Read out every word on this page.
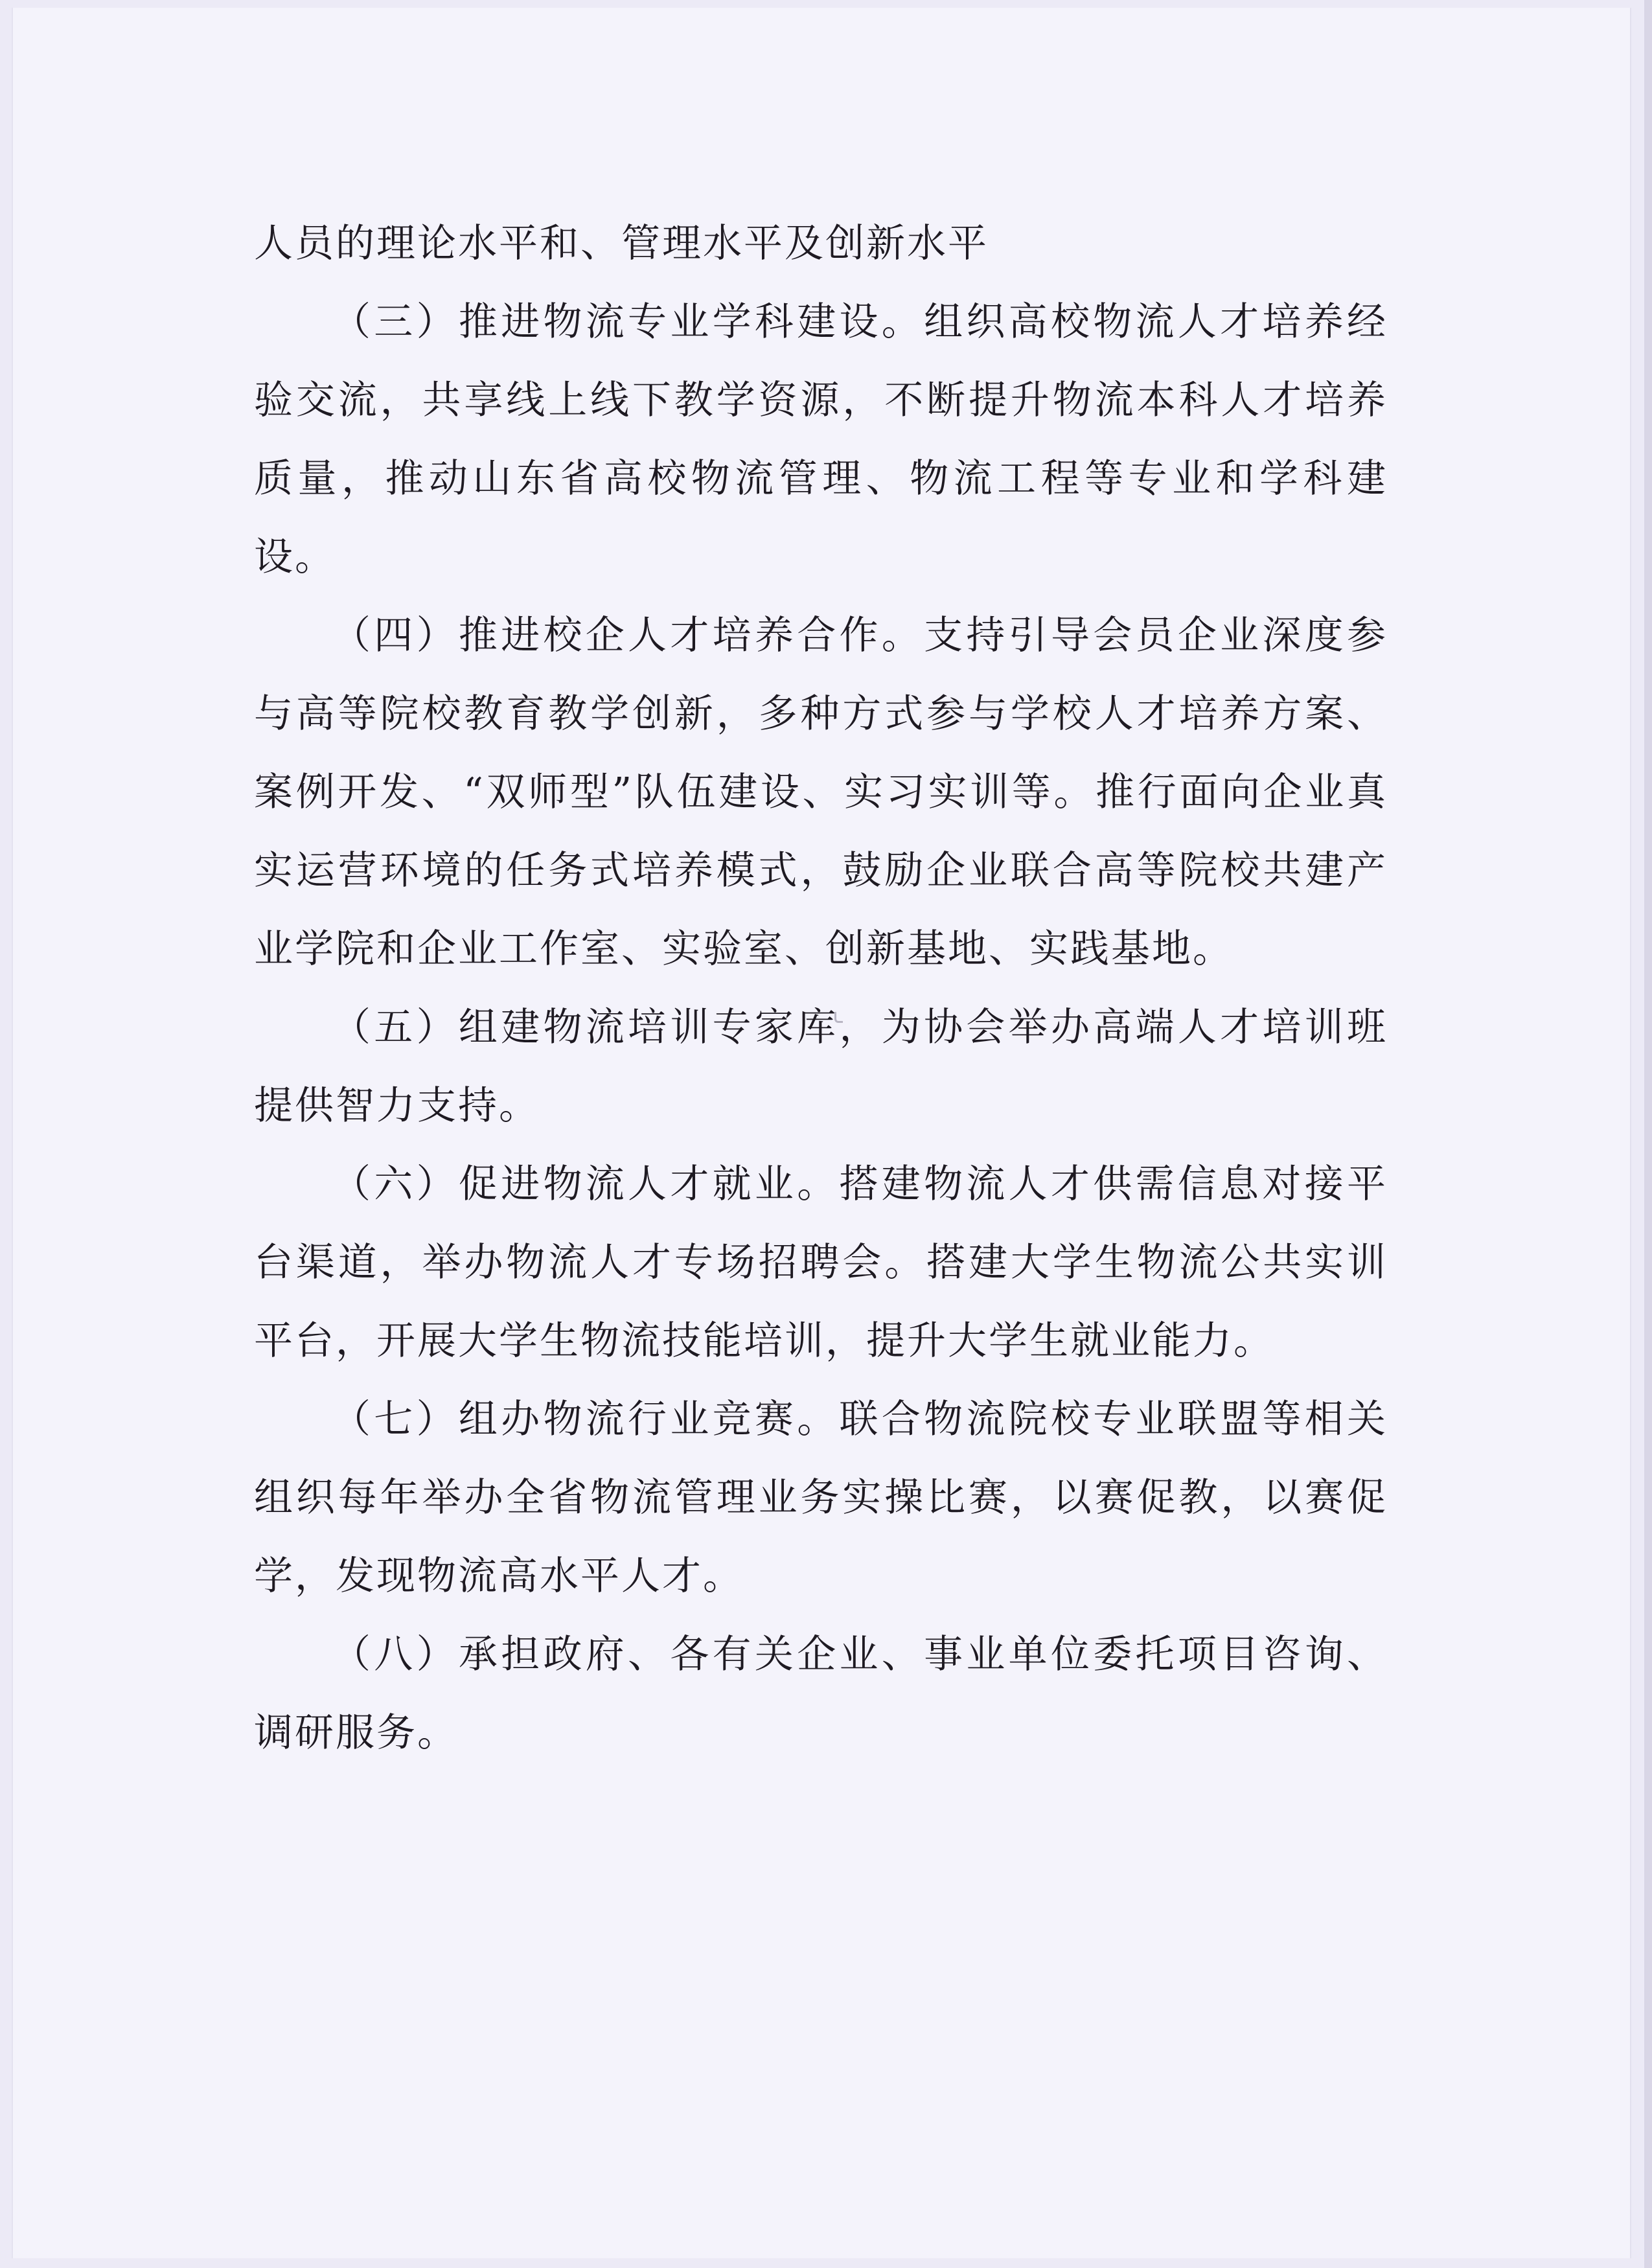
人员的理论水平和、管理水平及创新水平

（三）推进物流专业学科建设。组织高校物流人才培养经验交流，共享线上线下教学资源，不断提升物流本科人才培养质量，推动山东省高校物流管理、物流工程等专业和学科建设。

（四）推进校企人才培养合作。支持引导会员企业深度参与高等院校教育教学创新，多种方式参与学校人才培养方案、案例开发、“双师型”队伍建设、实习实训等。推行面向企业真实运营环境的任务式培养模式，鼓励企业联合高等院校共建产业学院和企业工作室、实验室、创新基地、实践基地。

（五）组建物流培训专家库，为协会举办高端人才培训班提供智力支持。

（六）促进物流人才就业。搭建物流人才供需信息对接平台渠道，举办物流人才专场招聘会。搭建大学生物流公共实训平台，开展大学生物流技能培训，提升大学生就业能力。

（七）组办物流行业竞赛。联合物流院校专业联盟等相关组织每年举办全省物流管理业务实操比赛，以赛促教，以赛促学，发现物流高水平人才。

（八）承担政府、各有关企业、事业单位委托项目咨询、调研服务。
